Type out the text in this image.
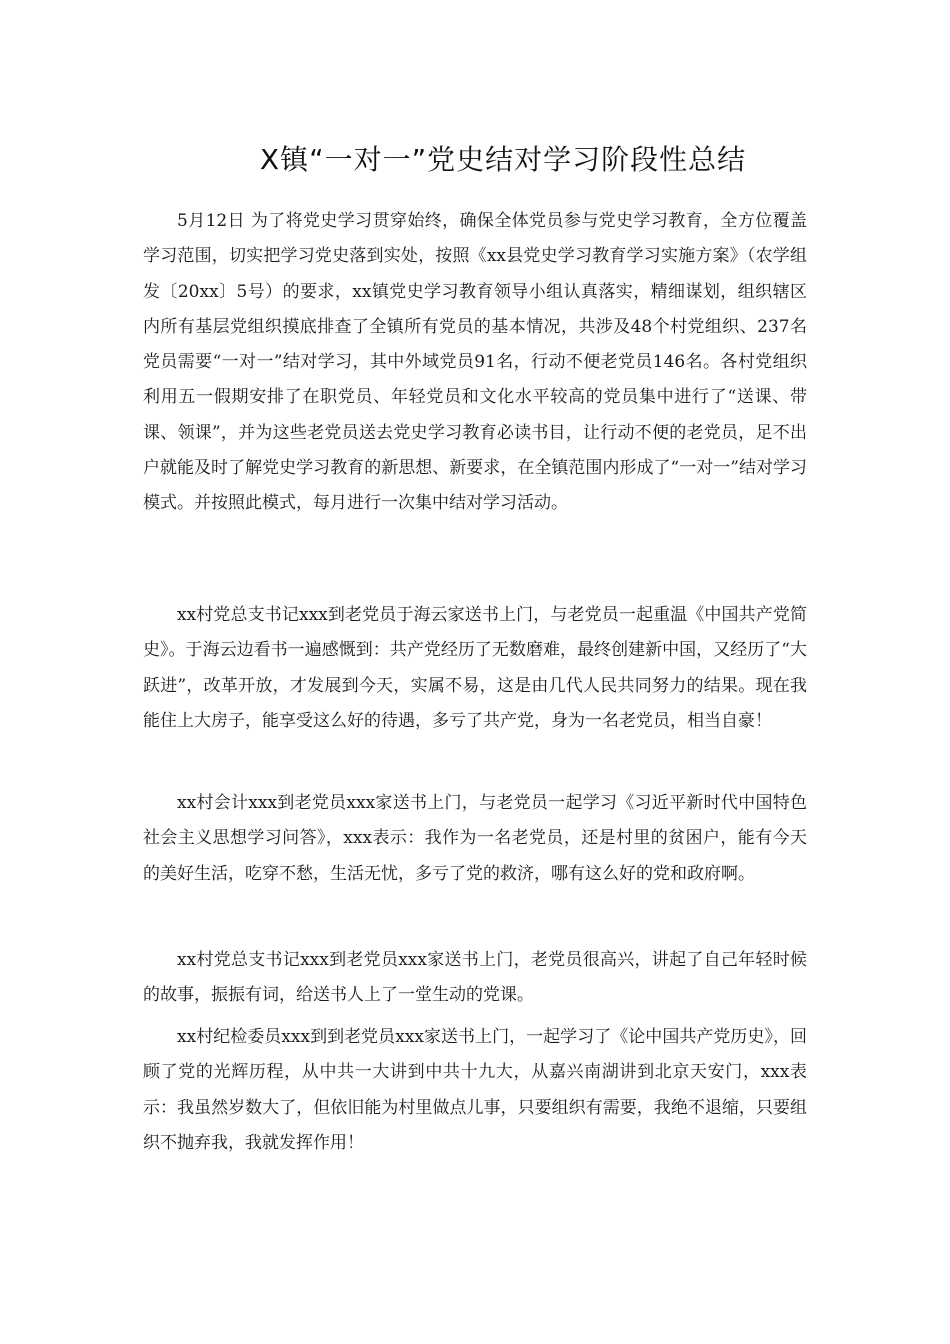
X镇“一对一”党史结对学习阶段性总结

5月12日 为了将党史学习贯穿始终，确保全体党员参与党史学习教育，全方位覆盖学习范围，切实把学习党史落到实处，按照《xx县党史学习教育学习实施方案》（农学组发〔20xx〕5号）的要求，xx镇党史学习教育领导小组认真落实，精细谋划，组织辖区内所有基层党组织摸底排查了全镇所有党员的基本情况，共涉及48个村党组织、237名党员需要“一对一”结对学习，其中外域党员91名，行动不便老党员146名。各村党组织利用五一假期安排了在职党员、年轻党员和文化水平较高的党员集中进行了“送课、带课、领课”，并为这些老党员送去党史学习教育必读书目，让行动不便的老党员，足不出户就能及时了解党史学习教育的新思想、新要求，在全镇范围内形成了“一对一”结对学习模式。并按照此模式，每月进行一次集中结对学习活动。

xx村党总支书记xxx到老党员于海云家送书上门，与老党员一起重温《中国共产党简史》。于海云边看书一遍感慨到：共产党经历了无数磨难，最终创建新中国，又经历了“大跃进”，改革开放，才发展到今天，实属不易，这是由几代人民共同努力的结果。现在我能住上大房子，能享受这么好的待遇，多亏了共产党，身为一名老党员，相当自豪！

xx村会计xxx到老党员xxx家送书上门，与老党员一起学习《习近平新时代中国特色社会主义思想学习问答》，xxx表示：我作为一名老党员，还是村里的贫困户，能有今天的美好生活，吃穿不愁，生活无忧，多亏了党的救济，哪有这么好的党和政府啊。

xx村党总支书记xxx到老党员xxx家送书上门，老党员很高兴，讲起了自己年轻时候的故事，振振有词，给送书人上了一堂生动的党课。

xx村纪检委员xxx到到老党员xxx家送书上门，一起学习了《论中国共产党历史》，回顾了党的光辉历程，从中共一大讲到中共十九大，从嘉兴南湖讲到北京天安门，xxx表示：我虽然岁数大了，但依旧能为村里做点儿事，只要组织有需要，我绝不退缩，只要组织不抛弃我，我就发挥作用！
